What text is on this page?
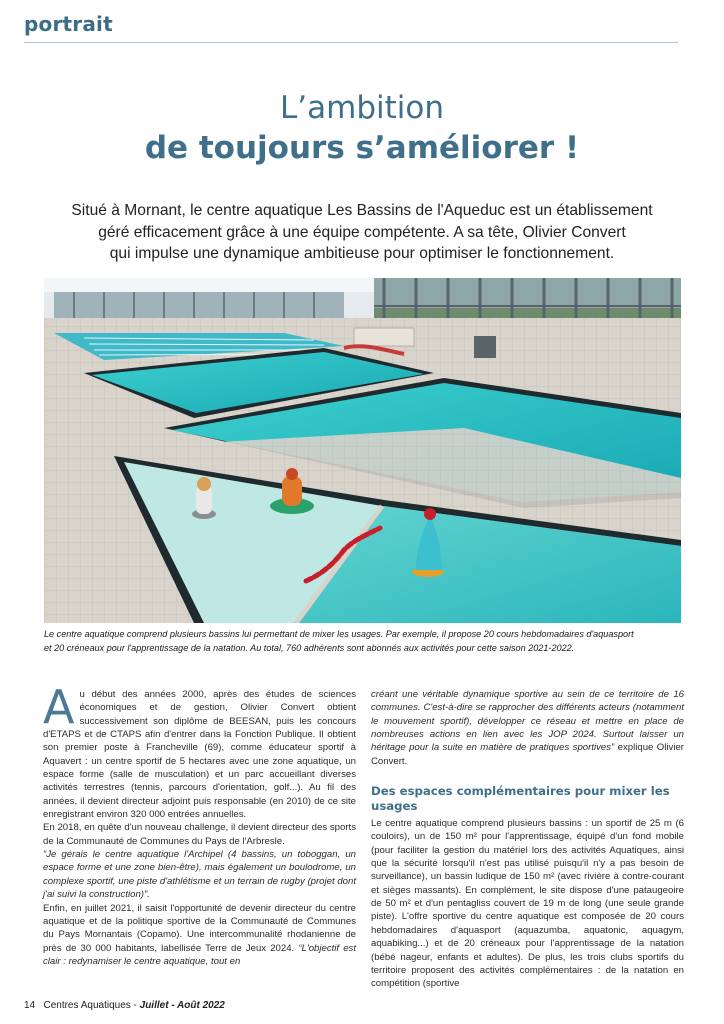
portrait
L’ambition
de toujours s’améliorer !

Situé à Mornant, le centre aquatique Les Bassins de l'Aqueduc est un établissement
géré efficacement grâce à une équipe compétente. A sa tête, Olivier Convert
qui impulse une dynamique ambitieuse pour optimiser le fonctionnement.

Le centre aquatique comprend plusieurs bassins lui permettant de mixer les usages. Par exemple, il propose 20 cours hebdomadaires d'aquasport
et 20 créneaux pour l'apprentissage de la natation. Au total, 760 adhérents sont abonnés aux activités pour cette saison 2021-2022.

Au début des années 2000, après des études de sciences économiques et de gestion, Olivier Convert obtient successivement son diplôme de BEESAN, puis les concours d'ETAPS et de CTAPS afin d'entrer dans la Fonction Publique. Il obtient son premier poste à Francheville (69), comme éducateur sportif à Aquavert : un centre sportif de 5 hectares avec une zone aquatique, un espace forme (salle de musculation) et un parc accueillant diverses activités terrestres (tennis, parcours d'orientation, golf...). Au fil des années, il devient directeur adjoint puis responsable (en 2010) de ce site enregistrant environ 320 000 entrées annuelles.

En 2018, en quête d'un nouveau challenge, il devient directeur des sports de la Communauté de Communes du Pays de l'Arbresle.

“Je gérais le centre aquatique l'Archipel (4 bassins, un toboggan, un espace forme et une zone bien-être), mais également un boulodrome, un complexe sportif, une piste d'athlétisme et un terrain de rugby (projet dont j'ai suivi la construction)”.

Enfin, en juillet 2021, il saisit l'opportunité de devenir directeur du centre aquatique et de la politique sportive de la Communauté de Communes du Pays Mornantais (Copamo). Une intercommunalité rhodanienne de près de 30 000 habitants, labellisée Terre de Jeux 2024. “L'objectif est clair : redynamiser le centre aquatique, tout en

créant une véritable dynamique sportive au sein de ce territoire de 16 communes. C'est-à-dire se rapprocher des différents acteurs (notamment le mouvement sportif), développer ce réseau et mettre en place de nombreuses actions en lien avec les JOP 2024. Surtout laisser un héritage pour la suite en matière de pratiques sportives” explique Olivier Convert.

Des espaces complémentaires pour mixer les usages

Le centre aquatique comprend plusieurs bassins : un sportif de 25 m (6 couloirs), un de 150 m² pour l'apprentissage, équipé d'un fond mobile (pour faciliter la gestion du matériel lors des activités Aquatiques, ainsi que la sécurité lorsqu'il n'est pas utilisé puisqu'il n'y a pas besoin de surveillance), un bassin ludique de 150 m² (avec rivière à contre-courant et sièges massants). En complément, le site dispose d'une pataugeoire de 50 m² et d'un pentagliss couvert de 19 m de long (une seule grande piste). L'offre sportive du centre aquatique est composée de 20 cours hebdomadaires d'aquasport (aquazumba, aquatonic, aquagym, aquabiking...) et de 20 créneaux pour l'apprentissage de la natation (bébé nageur, enfants et adultes). De plus, les trois clubs sportifs du territoire proposent des activités complémentaires : de la natation en compétition (sportive

14 Centres Aquatiques - Juillet - Août 2022
